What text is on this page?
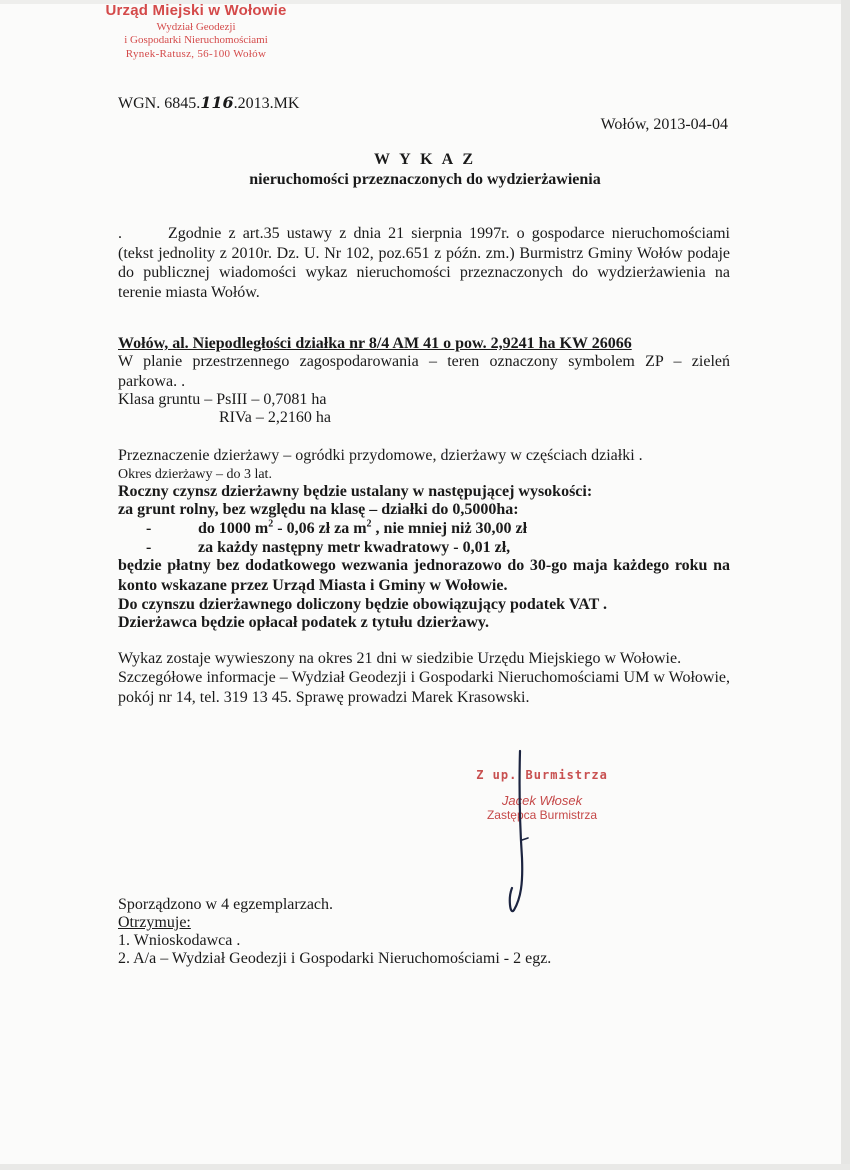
Urząd Miejski w Wołowie
Wydział Geodezji
i Gospodarki Nieruchomościami
Rynek-Ratusz, 56-100 Wołów
WGN. 6845.116.2013.MK
Wołów, 2013-04-04
W Y K A Z
nieruchomości przeznaczonych do wydzierżawienia
.	Zgodnie z art.35 ustawy z dnia 21 sierpnia 1997r. o gospodarce nieruchomościami (tekst jednolity z 2010r. Dz. U. Nr 102, poz.651 z późn. zm.) Burmistrz Gminy Wołów podaje do publicznej wiadomości wykaz nieruchomości przeznaczonych do wydzierżawienia na terenie miasta Wołów.
Wołów, al. Niepodległości działka nr 8/4 AM 41 o pow. 2,9241 ha KW 26066
W planie przestrzennego zagospodarowania – teren oznaczony symbolem ZP – zieleń parkowa. .
Klasa gruntu – PsIII – 0,7081 ha
RIVa – 2,2160 ha
Przeznaczenie dzierżawy – ogródki przydomowe, dzierżawy w częściach działki .
Okres dzierżawy – do 3 lat.
Roczny czynsz dzierżawny będzie ustalany w następującej wysokości:
za grunt rolny, bez względu na klasę – działki do 0,5000ha:
-	do 1000 $m^2 - 0,06$ zł za $m^2$ , nie mniej niż 30,00 zł
-	za każdy następny metr kwadratowy - 0,01 zł,
będzie płatny bez dodatkowego wezwania jednorazowo do 30-go maja każdego roku na konto wskazane przez Urząd Miasta i Gminy w Wołowie.
Do czynszu dzierżawnego doliczony będzie obowiązujący podatek VAT .
Dzierżawca będzie opłacał podatek z tytułu dzierżawy.
Wykaz zostaje wywieszony na okres 21 dni w siedzibie Urzędu Miejskiego w Wołowie.
Szczegółowe informacje – Wydział Geodezji i Gospodarki Nieruchomościami UM w Wołowie, pokój nr 14, tel. 319 13 45. Sprawę prowadzi Marek Krasowski.
Z up. Burmistrza
Jacek Włosek
Zastępca Burmistrza
Sporządzono w 4 egzemplarzach.
Otrzymuje:
1. Wnioskodawca .
2. A/a – Wydział Geodezji i Gospodarki Nieruchomościami - 2 egz.
